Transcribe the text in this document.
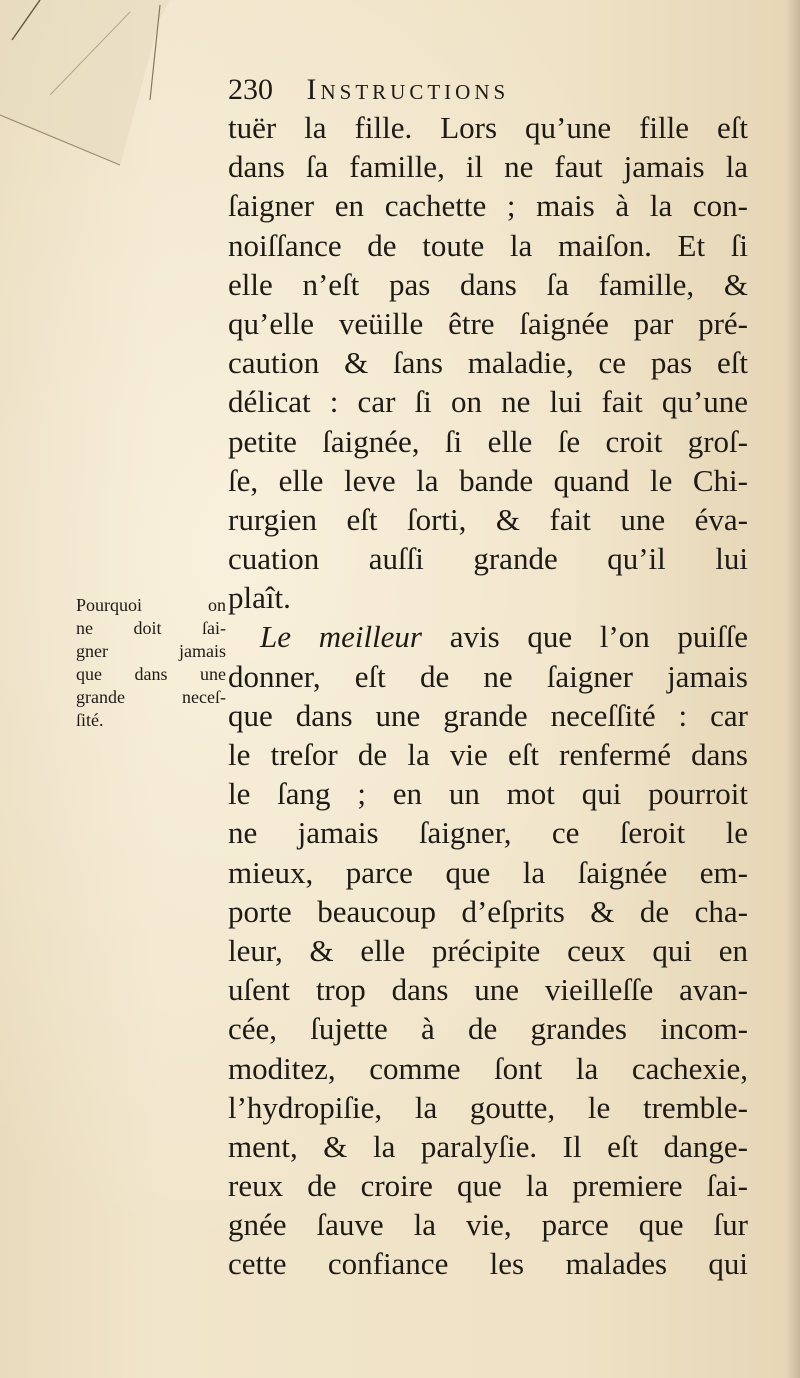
230 Instructions
Pourquoi on
ne doit ſai-
gner jamais
que dans une
grande neceſ-
ſité.
tuër la fille. Lors qu’une fille eſt
dans ſa famille, il ne faut jamais la
ſaigner en cachette ; mais à la con-
noiſſance de toute la maiſon. Et ſi
elle n’eſt pas dans ſa famille, &
qu’elle veüille être ſaignée par pré-
caution & ſans maladie, ce pas eſt
délicat : car ſi on ne lui fait qu’une
petite ſaignée, ſi elle ſe croit groſ-
ſe, elle leve la bande quand le Chi-
rurgien eſt ſorti, & fait une éva-
cuation auſſi grande qu’il lui
plaît.
Le meilleur avis que l’on puiſſe
donner, eſt de ne ſaigner jamais
que dans une grande neceſſité : car
le treſor de la vie eſt renfermé dans
le ſang ; en un mot qui pourroit
ne jamais ſaigner, ce ſeroit le
mieux, parce que la ſaignée em-
porte beaucoup d’eſprits & de cha-
leur, & elle précipite ceux qui en
uſent trop dans une vieilleſſe avan-
cée, ſujette à de grandes incom-
moditez, comme ſont la cachexie,
l’hydropiſie, la goutte, le tremble-
ment, & la paralyſie. Il eſt dange-
reux de croire que la premiere ſai-
gnée ſauve la vie, parce que ſur
cette confiance les malades qui
